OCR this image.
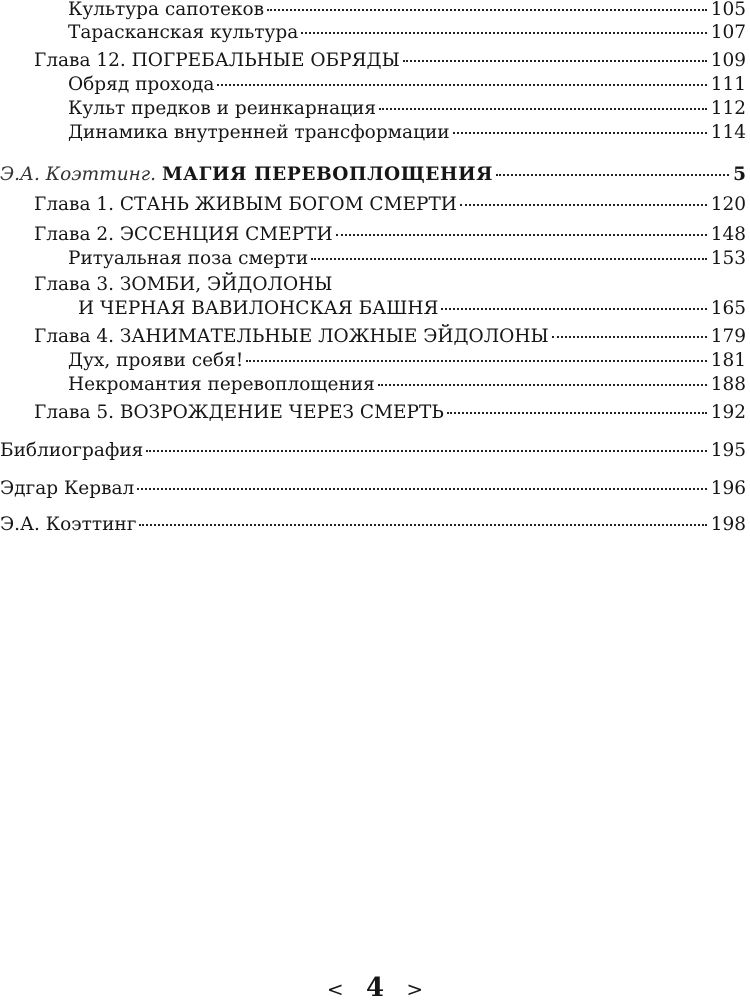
Культура сапотеков	105
Тарасканская культура	107
Глава 12. ПОГРЕБАЛЬНЫЕ ОБРЯДЫ	109
Обряд прохода	111
Культ предков и реинкарнация	112
Динамика внутренней трансформации	114
Э.А. Коэттинг. МАГИЯ ПЕРЕВОПЛОЩЕНИЯ	5
Глава 1. СТАНЬ ЖИВЫМ БОГОМ СМЕРТИ	120
Глава 2. ЭССЕНЦИЯ СМЕРТИ	148
Ритуальная поза смерти	153
Глава 3. ЗОМБИ, ЭЙДОЛОНЫ
И ЧЕРНАЯ ВАВИЛОНСКАЯ БАШНЯ	165
Глава 4. ЗАНИМАТЕЛЬНЫЕ ЛОЖНЫЕ ЭЙДОЛОНЫ	179
Дух, прояви себя!	181
Некромантия перевоплощения	188
Глава 5. ВОЗРОЖДЕНИЕ ЧЕРЕЗ СМЕРТЬ	192
Библиография	195
Эдгар Кервал	196
Э.А. Коэттинг	198
< 4 >
